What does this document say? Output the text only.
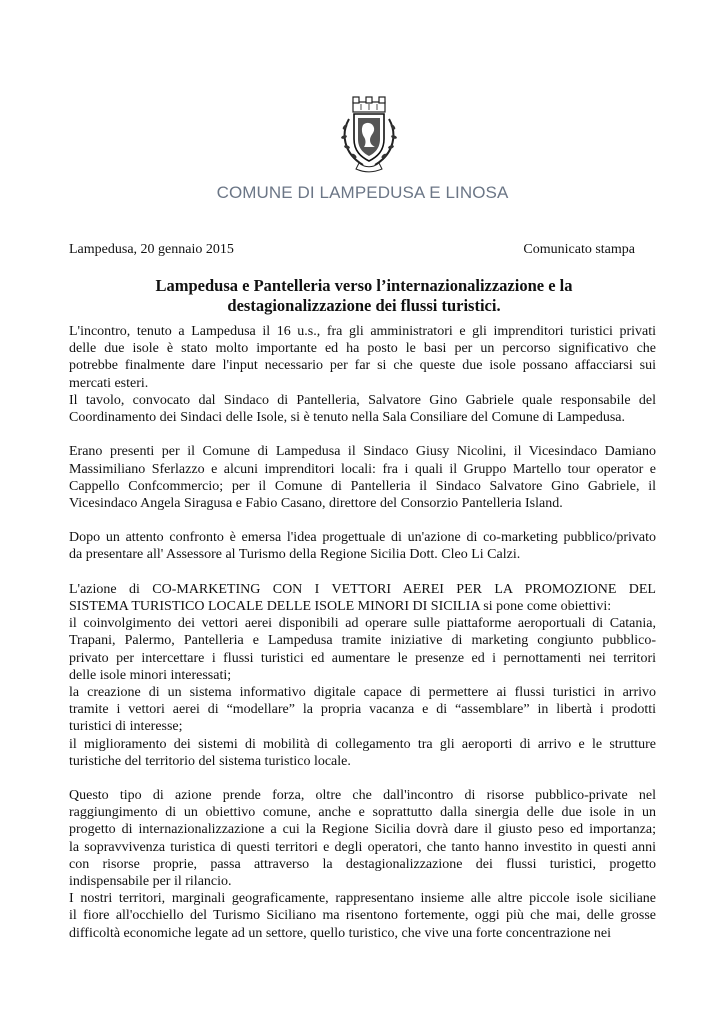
COMUNE DI LAMPEDUSA E LINOSA
Lampedusa, 20 gennaio 2015	Comunicato stampa
Lampedusa e Pantelleria verso l’internazionalizzazione e la
destagionalizzazione dei flussi turistici.
L'incontro, tenuto a Lampedusa il 16 u.s., fra gli amministratori e gli imprenditori turistici privati
delle due isole è stato molto importante ed ha posto le basi per un percorso significativo che
potrebbe finalmente dare l'input necessario per far si che queste due isole possano affacciarsi sui
mercati esteri.
Il tavolo, convocato dal Sindaco di Pantelleria, Salvatore Gino Gabriele quale responsabile del
Coordinamento dei Sindaci delle Isole, si è tenuto nella Sala Consiliare del Comune di Lampedusa.
Erano presenti per il Comune di Lampedusa il Sindaco Giusy Nicolini, il Vicesindaco Damiano
Massimiliano Sferlazzo e alcuni imprenditori locali: fra i quali il Gruppo Martello tour operator e
Cappello Confcommercio; per il Comune di Pantelleria il Sindaco Salvatore Gino Gabriele, il
Vicesindaco Angela Siragusa e Fabio Casano, direttore del Consorzio Pantelleria Island.
Dopo un attento confronto è emersa l'idea progettuale di un'azione di co-marketing pubblico/privato
da presentare all' Assessore al Turismo della Regione Sicilia Dott. Cleo Li Calzi.
L'azione di CO-MARKETING CON I VETTORI AEREI PER LA PROMOZIONE DEL
SISTEMA TURISTICO LOCALE DELLE ISOLE MINORI DI SICILIA si pone come obiettivi:
il coinvolgimento dei vettori aerei disponibili ad operare sulle piattaforme aeroportuali di Catania,
Trapani, Palermo, Pantelleria e Lampedusa tramite iniziative di marketing congiunto pubblico-
privato per intercettare i flussi turistici ed aumentare le presenze ed i pernottamenti nei territori
delle isole minori interessati;
la creazione di un sistema informativo digitale capace di permettere ai flussi turistici in arrivo
tramite i vettori aerei di “modellare” la propria vacanza e di “assemblare” in libertà i prodotti
turistici di interesse;
il miglioramento dei sistemi di mobilità di collegamento tra gli aeroporti di arrivo e le strutture
turistiche del territorio del sistema turistico locale.
Questo tipo di azione prende forza, oltre che dall'incontro di risorse pubblico-private nel
raggiungimento di un obiettivo comune, anche e soprattutto dalla sinergia delle due isole in un
progetto di internazionalizzazione a cui la Regione Sicilia dovrà dare il giusto peso ed importanza;
la sopravvivenza turistica di questi territori e degli operatori, che tanto hanno investito in questi anni
con risorse proprie, passa attraverso la destagionalizzazione dei flussi turistici, progetto
indispensabile per il rilancio.
I nostri territori, marginali geograficamente, rappresentano insieme alle altre piccole isole siciliane
il fiore all'occhiello del Turismo Siciliano ma risentono fortemente, oggi più che mai, delle grosse
difficoltà economiche legate ad un settore, quello turistico, che vive una forte concentrazione nei
